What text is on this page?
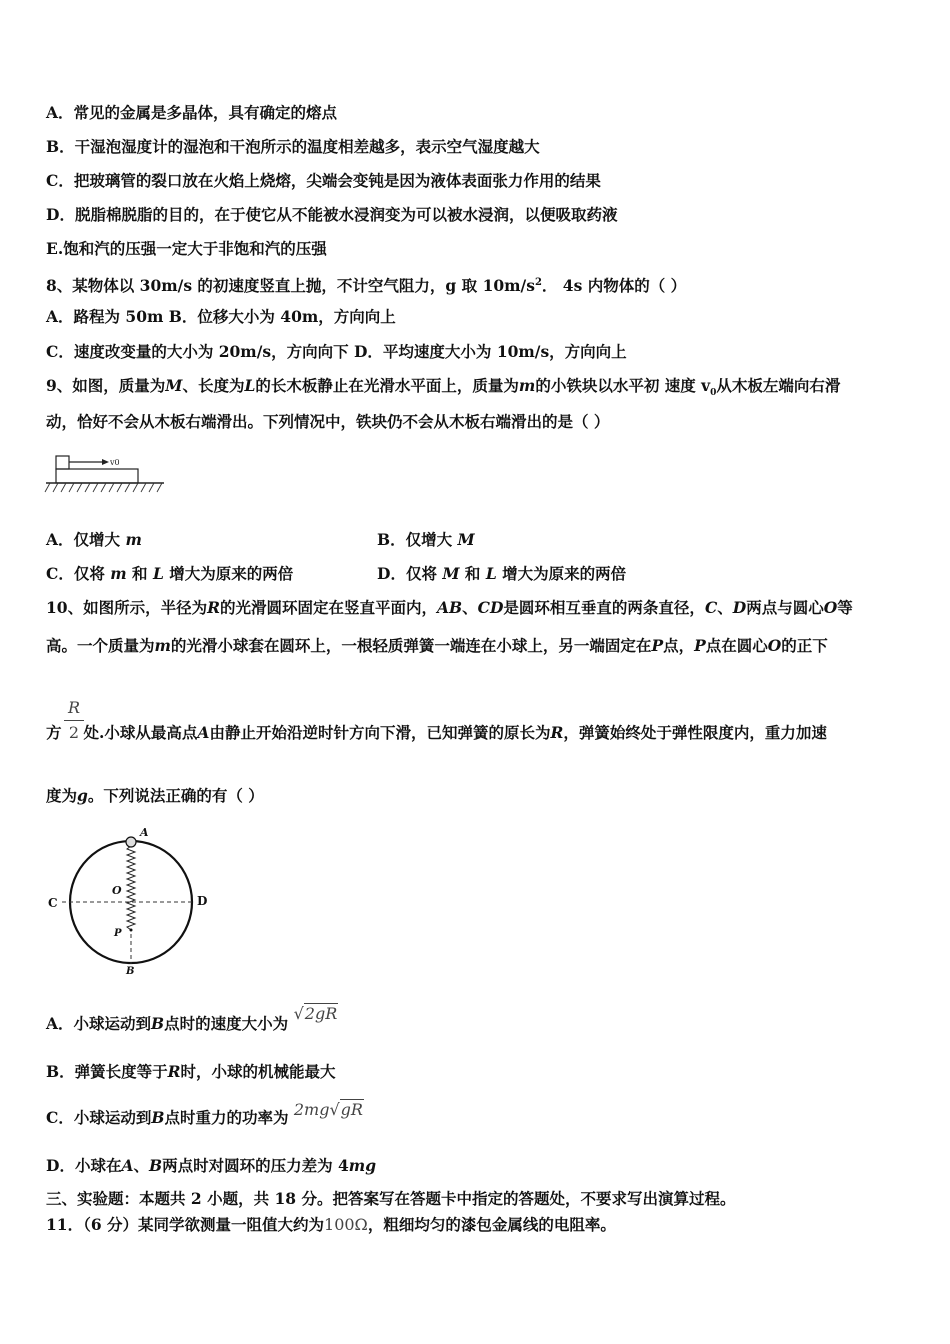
A．常见的金属是多晶体，具有确定的熔点
B．干湿泡湿度计的湿泡和干泡所示的温度相差越多，表示空气湿度越大
C．把玻璃管的裂口放在火焰上烧熔，尖端会变钝是因为液体表面张力作用的结果
D．脱脂棉脱脂的目的，在于使它从不能被水浸润变为可以被水浸润，以便吸取药液
E.饱和汽的压强一定大于非饱和汽的压强
8、某物体以 30m/s 的初速度竖直上抛，不计空气阻力，g 取 $10m/s^2$． 4s 内物体的（ ）
A．路程为 50m B．位移大小为 40m，方向向上
C．速度改变量的大小为 20m/s，方向向下 D．平均速度大小为 10m/s，方向向上
9、如图，质量为M、长度为L的长木板静止在光滑水平面上，质量为m的小铁块以水平初 速度 $v_0$从木板左端向右滑
动，恰好不会从木板右端滑出。下列情况中，铁块仍不会从木板右端滑出的是（ ）
v0
A．仅增大 m	B．仅增大 M
C．仅将 m 和 L 增大为原来的两倍	D．仅将 M 和 L 增大为原来的两倍
10、如图所示，半径为R的光滑圆环固定在竖直平面内，AB、CD是圆环相互垂直的两条直径，C、D两点与圆心O等
高。一个质量为m的光滑小球套在圆环上，一根轻质弹簧一端连在小球上，另一端固定在P点，P点在圆心O的正下
R
2
方 处.小球从最高点A由静止开始沿逆时针方向下滑，已知弹簧的原长为R，弹簧始终处于弹性限度内，重力加速
度为g。下列说法正确的有（ ）
A
C	D
O
P
B
A．小球运动到B点时的速度大小为 √2gR
B．弹簧长度等于R时，小球的机械能最大
C．小球运动到B点时重力的功率为 2mg√gR
D．小球在A、B两点时对圆环的压力差为 4mg
三、实验题：本题共 2 小题，共 18 分。把答案写在答题卡中指定的答题处，不要求写出演算过程。
11．（6 分）某同学欲测量一阻值大约为100Ω，粗细均匀的漆包金属线的电阻率。
